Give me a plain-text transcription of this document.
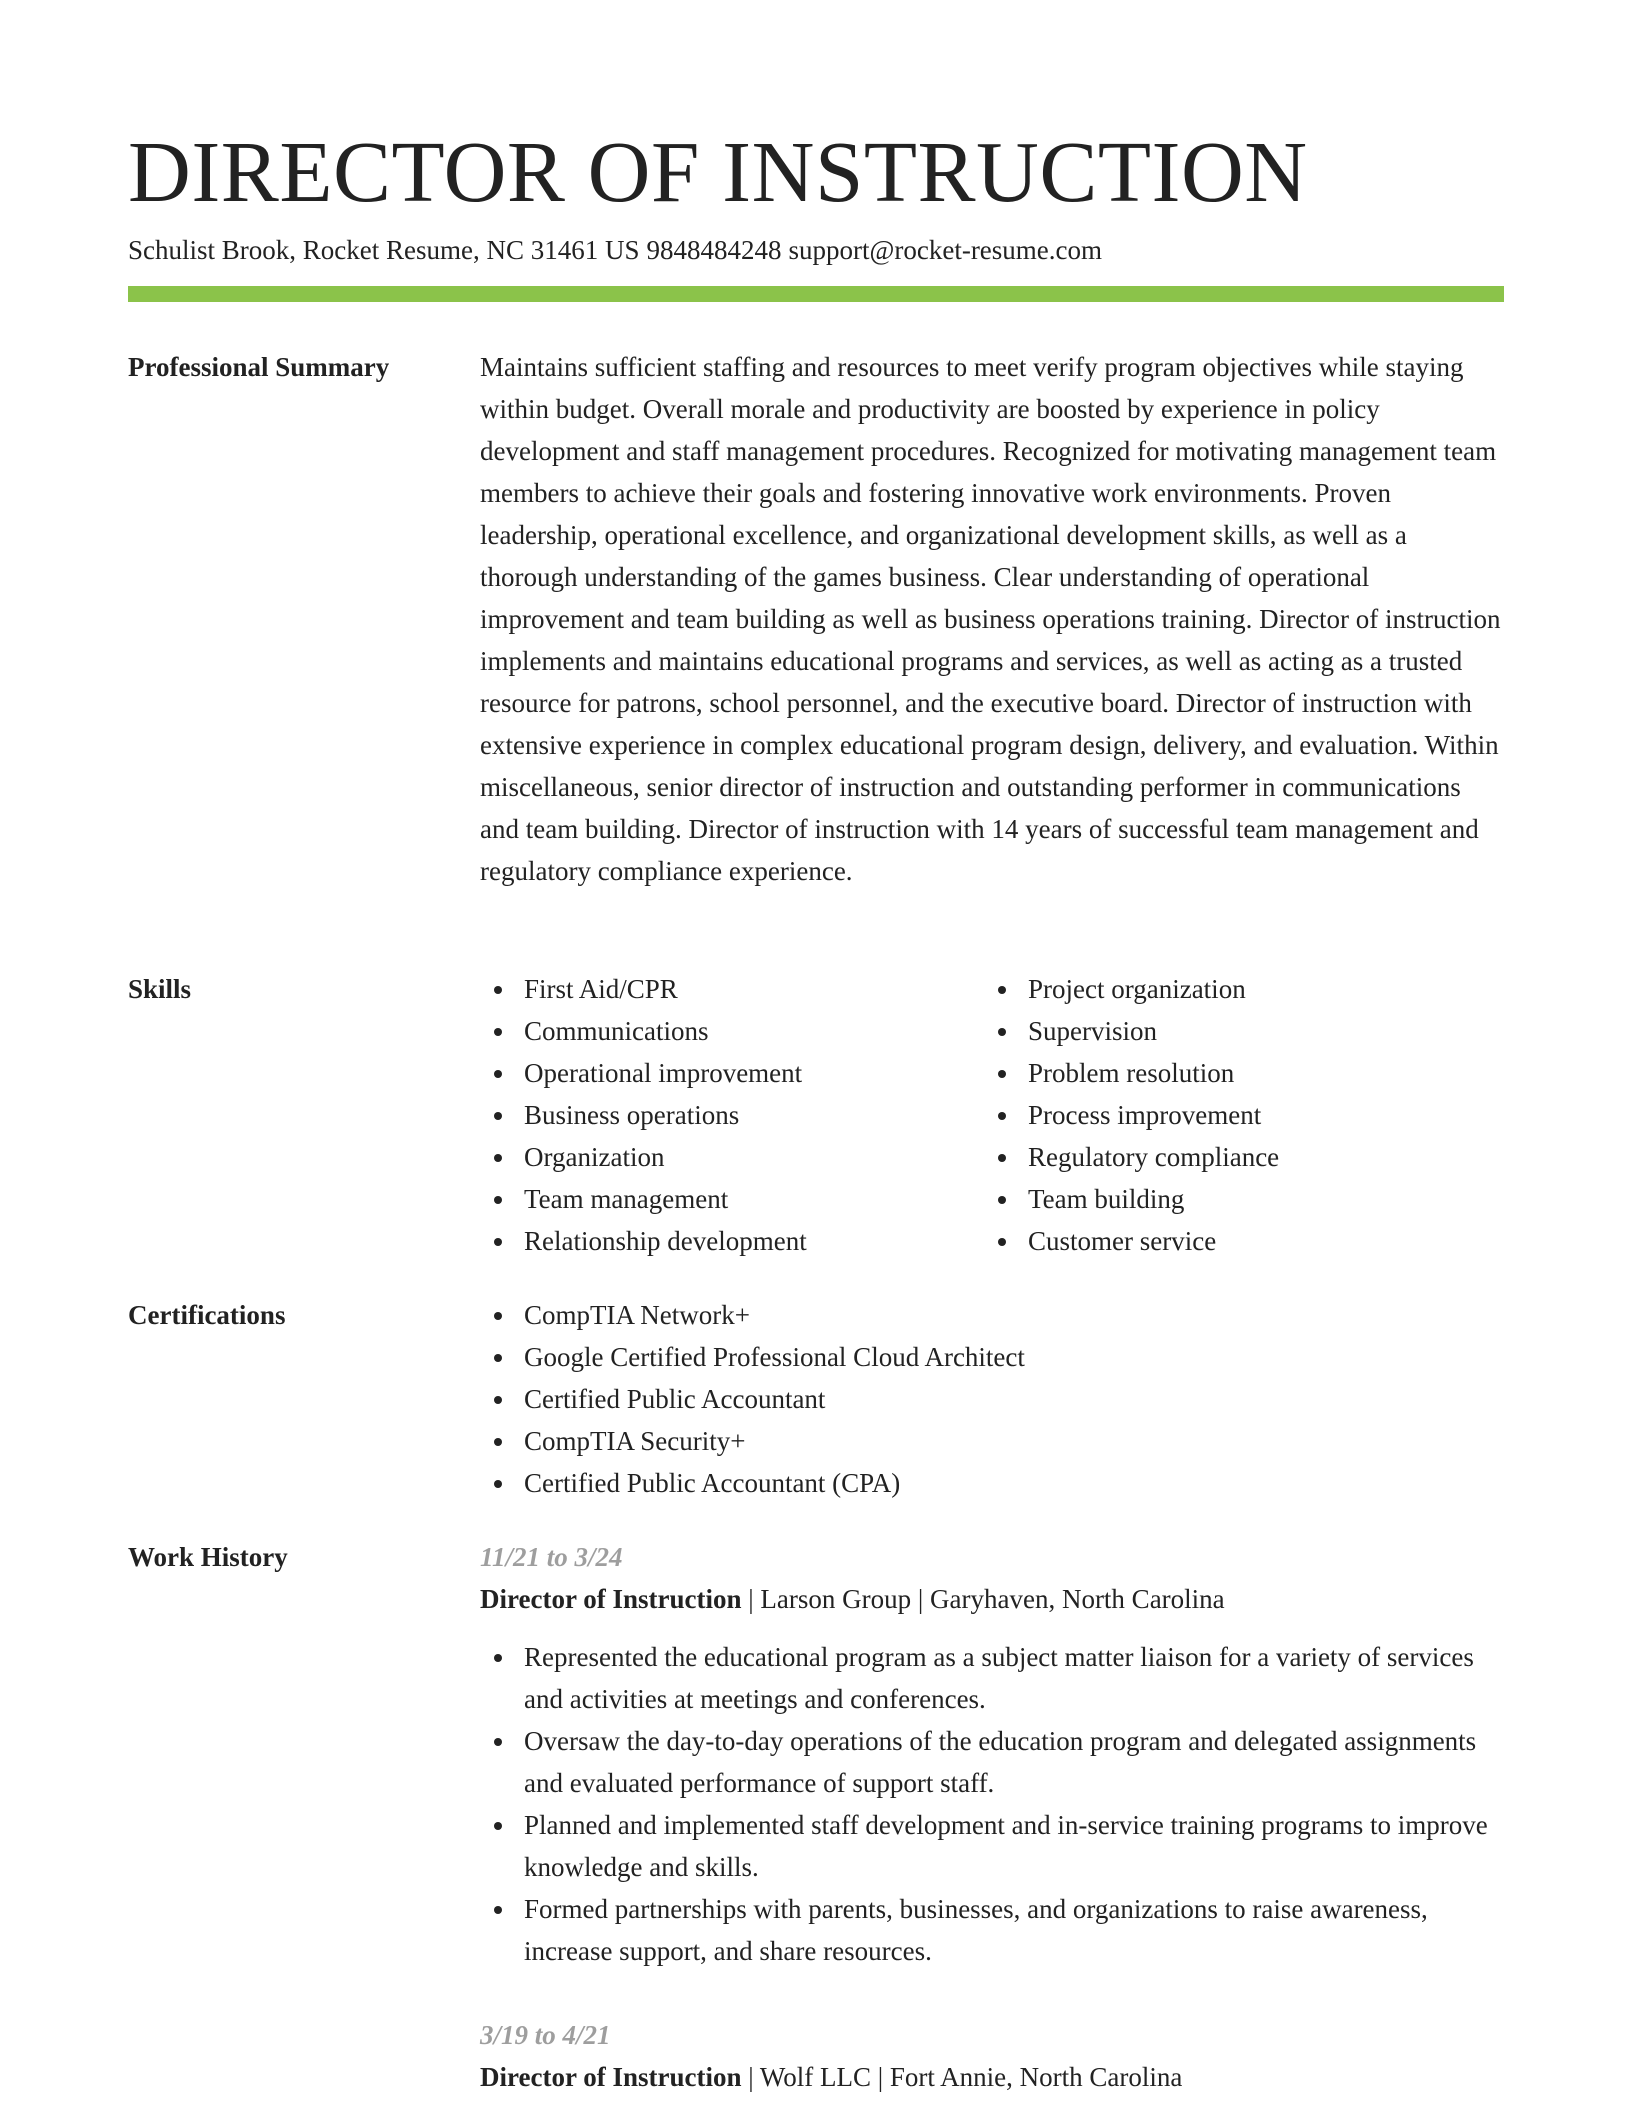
DIRECTOR OF INSTRUCTION
Schulist Brook, Rocket Resume, NC 31461 US 9848484248 support@rocket-resume.com
Professional Summary	Maintains sufficient staffing and resources to meet verify program objectives while staying within budget. Overall morale and productivity are boosted by experience in policy development and staff management procedures. Recognized for motivating management team members to achieve their goals and fostering innovative work environments. Proven leadership, operational excellence, and organizational development skills, as well as a thorough understanding of the games business. Clear understanding of operational improvement and team building as well as business operations training. Director of instruction implements and maintains educational programs and services, as well as acting as a trusted resource for patrons, school personnel, and the executive board. Director of instruction with extensive experience in complex educational program design, delivery, and evaluation. Within miscellaneous, senior director of instruction and outstanding performer in communications and team building. Director of instruction with 14 years of successful team management and regulatory compliance experience.

Skills	First Aid/CPR
Communications
Operational improvement
Business operations
Organization
Team management
Relationship development
Project organization
Supervision
Problem resolution
Process improvement
Regulatory compliance
Team building
Customer service
Certifications	CompTIA Network+
Google Certified Professional Cloud Architect
Certified Public Accountant
CompTIA Security+
Certified Public Accountant (CPA)
Work History	11/21 to 3/24
Director of Instruction | Larson Group | Garyhaven, North Carolina
Represented the educational program as a subject matter liaison for a variety of services and activities at meetings and conferences.
Oversaw the day-to-day operations of the education program and delegated assignments and evaluated performance of support staff.
Planned and implemented staff development and in-service training programs to improve knowledge and skills.
Formed partnerships with parents, businesses, and organizations to raise awareness, increase support, and share resources.
3/19 to 4/21
Director of Instruction | Wolf LLC | Fort Annie, North Carolina
